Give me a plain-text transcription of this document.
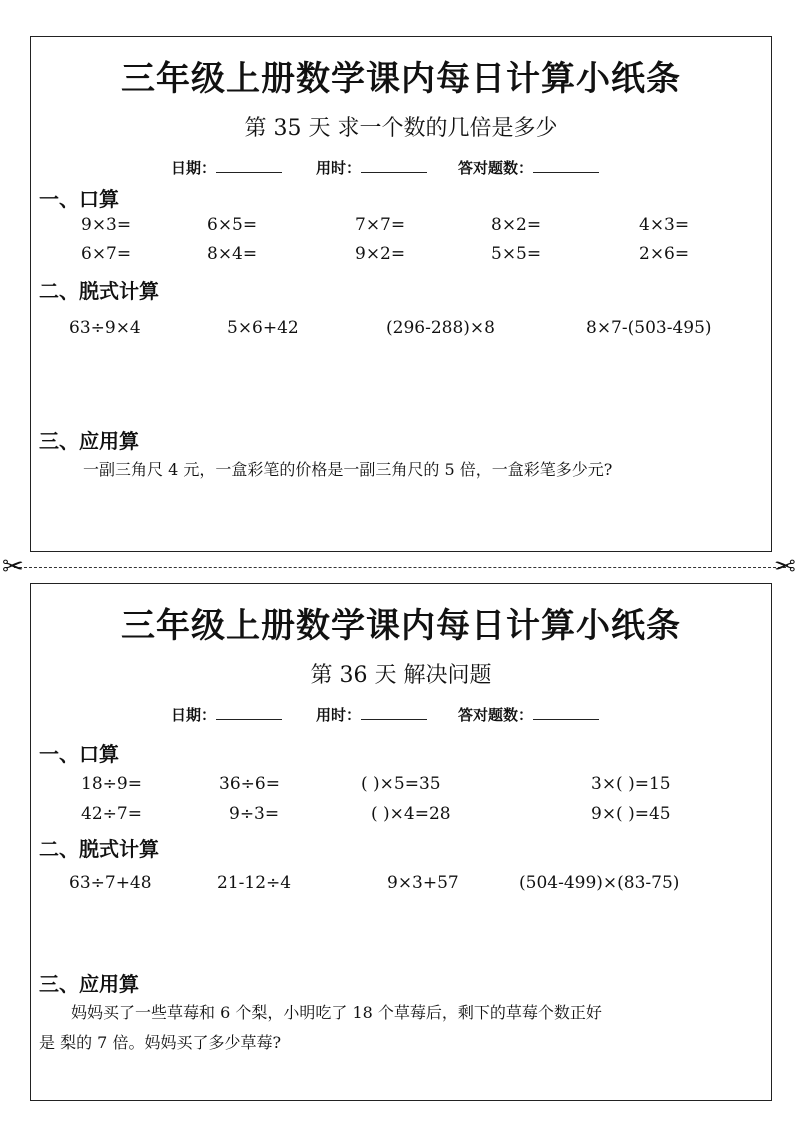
三年级上册数学课内每日计算小纸条
第 35 天 求一个数的几倍是多少
日期：	用时：	答对题数：
一、口算
9×3=	6×5=	7×7=	8×2=	4×3=
6×7=	8×4=	9×2=	5×5=	2×6=
二、脱式计算
63÷9×4	5×6+42	(296-288)×8	8×7-(503-495)
三、应用算
一副三角尺 4 元，一盒彩笔的价格是一副三角尺的 5 倍，一盒彩笔多少元?
✂	✂
三年级上册数学课内每日计算小纸条
第 36 天 解决问题
日期：	用时：	答对题数：
一、口算
18÷9=	36÷6=	( )×5=35	3×( )=15
42÷7=	9÷3=	( )×4=28	9×( )=45
二、脱式计算
63÷7+48	21-12÷4	9×3+57	(504-499)×(83-75)
三、应用算
妈妈买了一些草莓和 6 个梨，小明吃了 18 个草莓后，剩下的草莓个数正好
是 梨的 7 倍。妈妈买了多少草莓?
